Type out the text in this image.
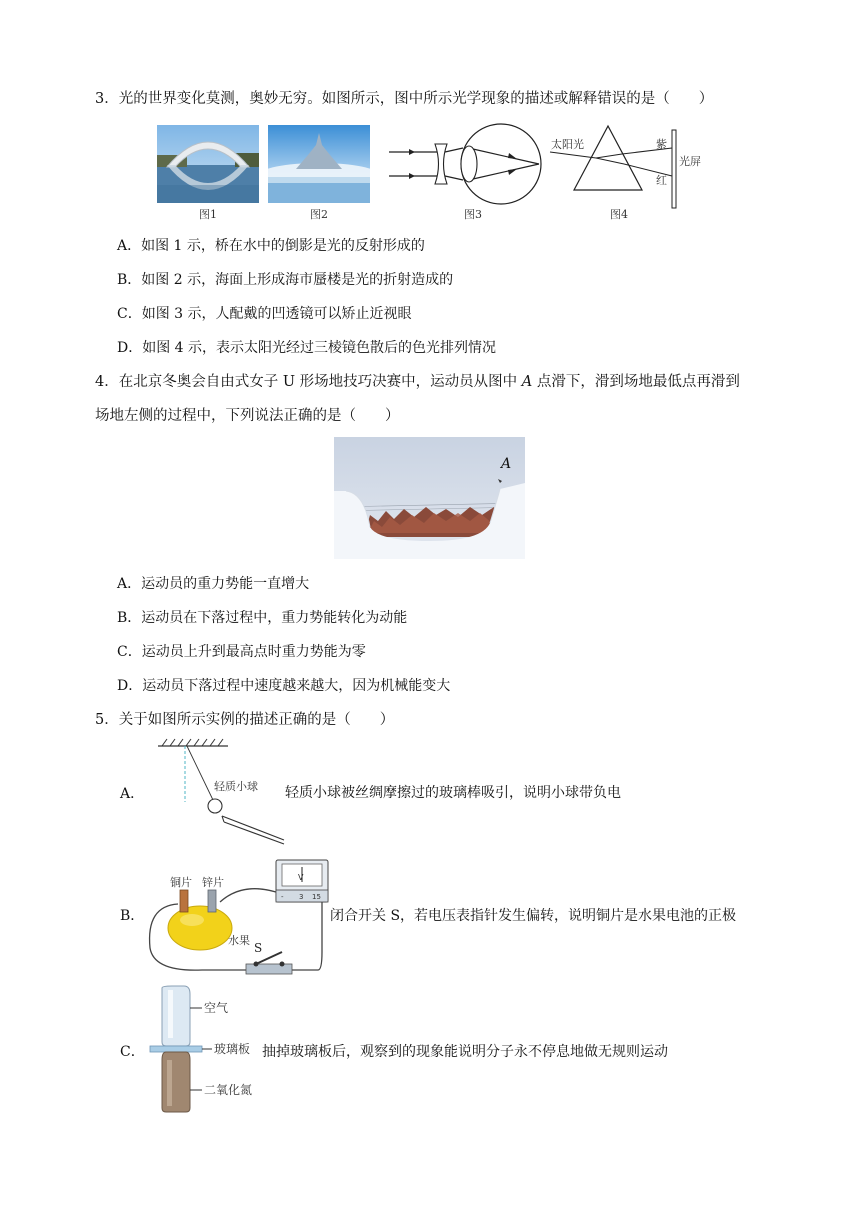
3．光的世界变化莫测，奥妙无穷。如图所示，图中所示光学现象的描述或解释错误的是（　　）
图1	图2	图3
太阳光	紫
红
光屏
图4
A．如图 1 示，桥在水中的倒影是光的反射形成的
B．如图 2 示，海面上形成海市蜃楼是光的折射造成的
C．如图 3 示，人配戴的凹透镜可以矫止近视眼
D．如图 4 示，表示太阳光经过三棱镜色散后的色光排列情况
4．在北京冬奥会自由式女子 U 形场地技巧决赛中，运动员从图中 A 点滑下，滑到场地最低点再滑到
场地左侧的过程中，下列说法正确的是（　　）
A
A．运动员的重力势能一直增大
B．运动员在下落过程中，重力势能转化为动能
C．运动员上升到最高点时重力势能为零
D．运动员下落过程中速度越来越大，因为机械能变大
5．关于如图所示实例的描述正确的是（　　）
A．	轻质小球 轻质小球被丝绸摩擦过的玻璃棒吸引，说明小球带负电
B．
V
- 3 15
铜片 锌片
水果
S
闭合开关 S，若电压表指针发生偏转，说明铜片是水果电池的正极
C．
空气
玻璃板
二氧化氮
抽掉玻璃板后，观察到的现象能说明分子永不停息地做无规则运动
